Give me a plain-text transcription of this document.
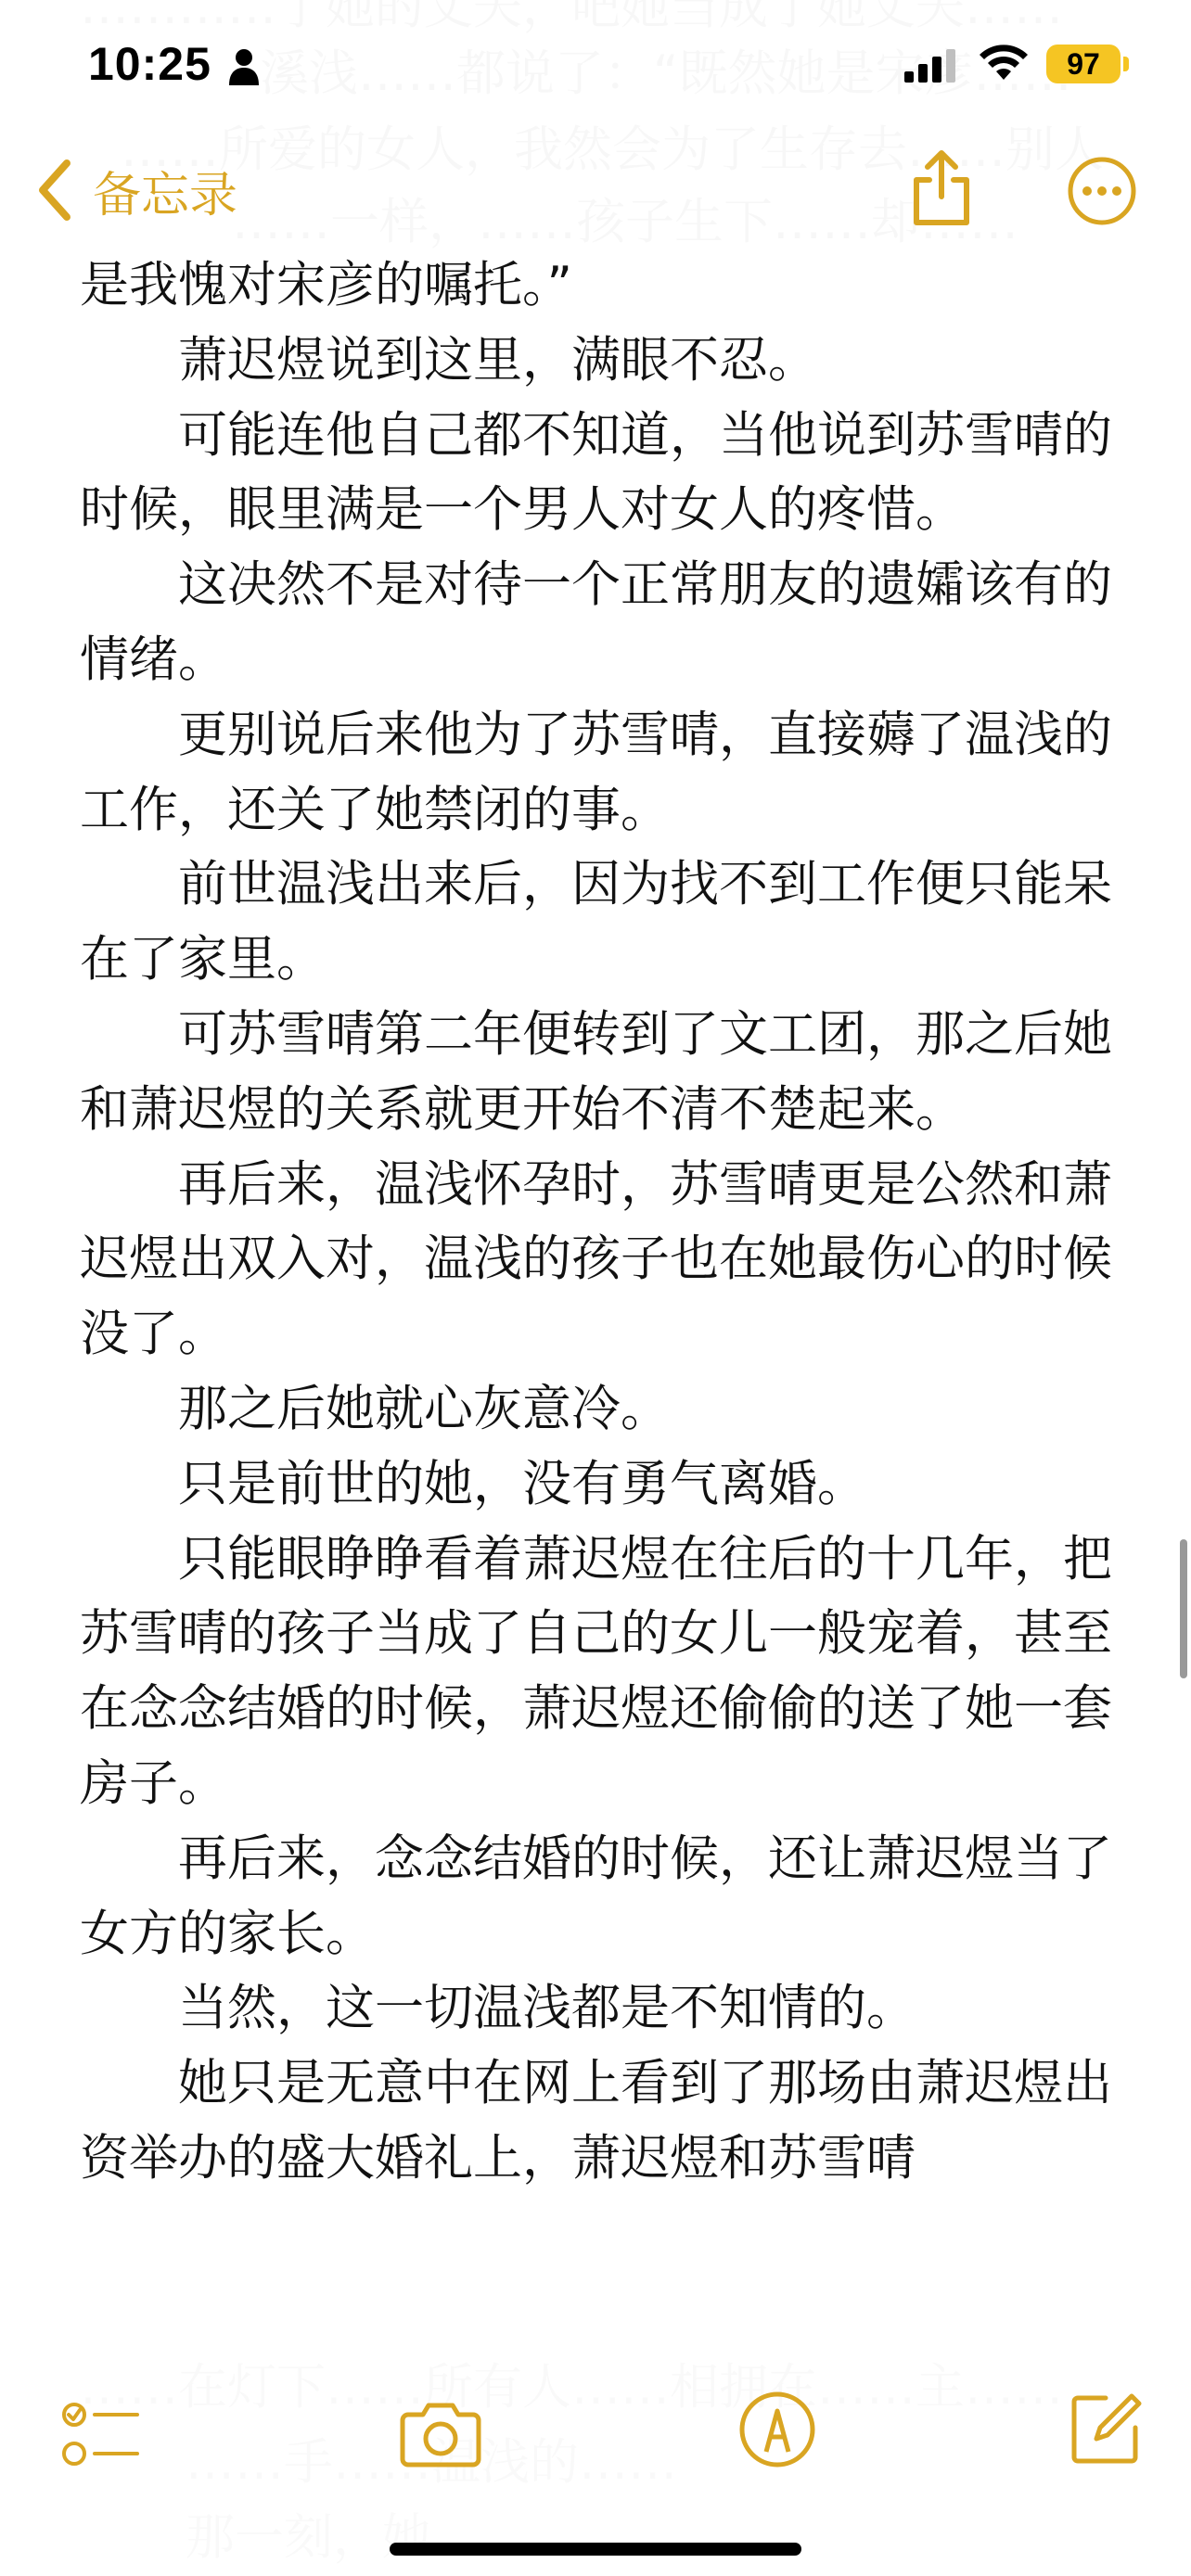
10:25	97
备忘录

是我愧对宋彦的嘱托。”

萧迟煜说到这里，满眼不忍。

可能连他自己都不知道，当他说到苏雪晴的时候，眼里满是一个男人对女人的疼惜。

这决然不是对待一个正常朋友的遗孀该有的情绪。

更别说后来他为了苏雪晴，直接薅了温浅的工作，还关了她禁闭的事。

前世温浅出来后，因为找不到工作便只能呆在了家里。

可苏雪晴第二年便转到了文工团，那之后她和萧迟煜的关系就更开始不清不楚起来。

再后来，温浅怀孕时，苏雪晴更是公然和萧迟煜出双入对，温浅的孩子也在她最伤心的时候没了。

那之后她就心灰意冷。

只是前世的她，没有勇气离婚。

只能眼睁睁看着萧迟煜在往后的十几年，把苏雪晴的孩子当成了自己的女儿一般宠着，甚至在念念结婚的时候，萧迟煜还偷偷的送了她一套房子。

再后来，念念结婚的时候，还让萧迟煜当了女方的家长。

当然，这一切温浅都是不知情的。

她只是无意中在网上看到了那场由萧迟煜出资举办的盛大婚礼上，萧迟煜和苏雪晴
